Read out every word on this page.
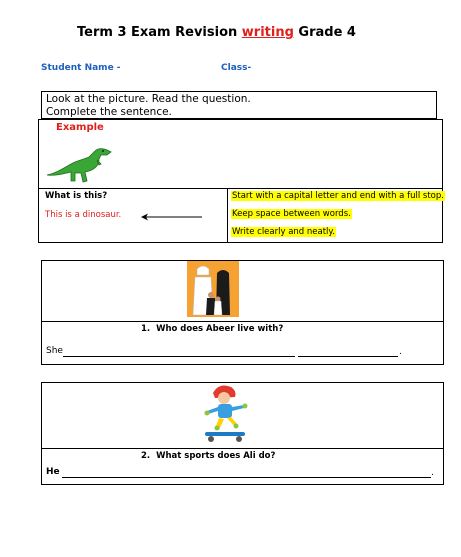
Term 3 Exam Revision writing Grade 4
Student Name -	Class-
Look at the picture. Read the question.
Complete the sentence.
Example
What is this?
This is a dinosaur.
Start with a capital letter and end with a full stop.
Keep space between words.
Write clearly and neatly.
1. Who does Abeer live with?
She	.
2. What sports does Ali do?
He	.
